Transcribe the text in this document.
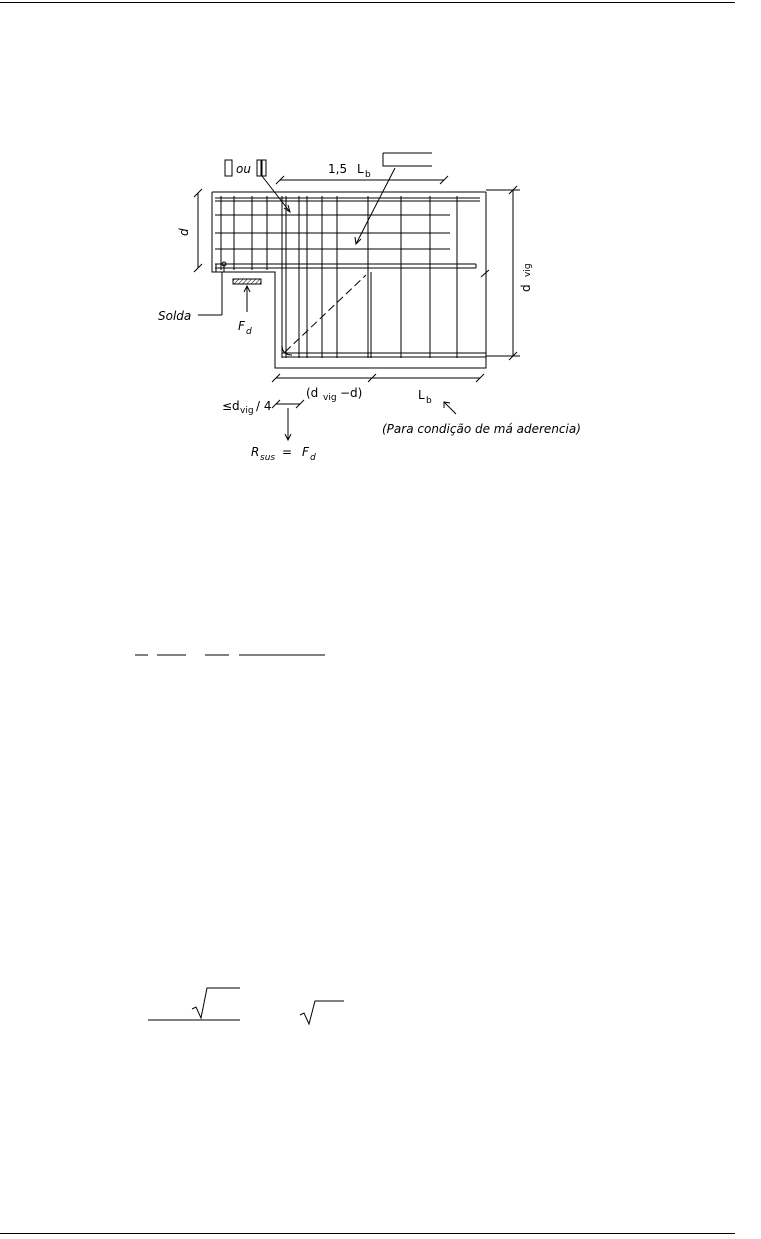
ou	1,5 L b
d
d
vig
Solda
F d
(d vig −d)	L b
≤d vig / 4
R sus = F d
(Para condição de má aderencia)
